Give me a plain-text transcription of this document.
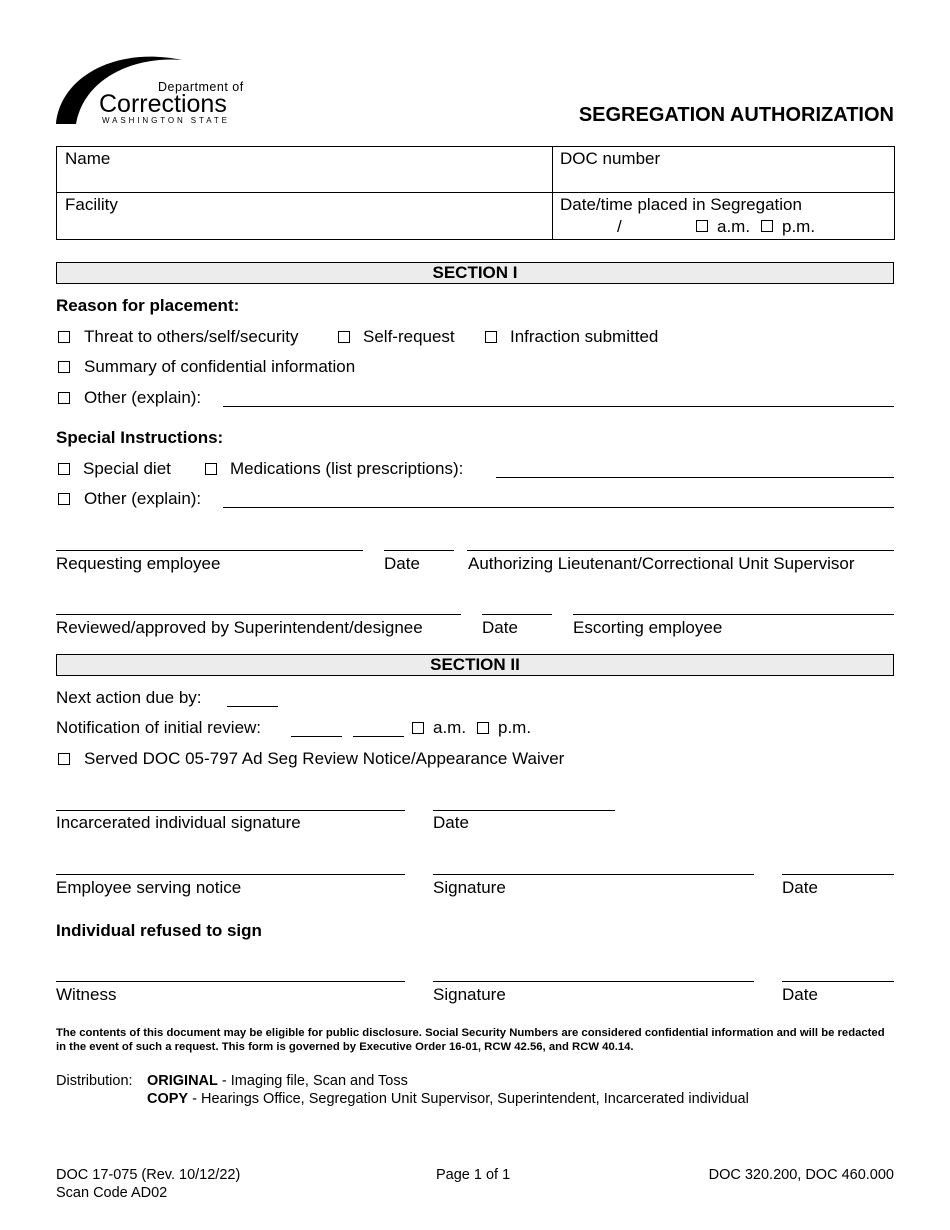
Department of
Corrections
WASHINGTON STATE	SEGREGATION AUTHORIZATION
Name	DOC number
Facility	Date/time placed in Segregation
/	a.m. p.m.
SECTION I
Reason for placement:
Threat to others/self/security	Self-request	Infraction submitted
Summary of confidential information
Other (explain):
Special Instructions:
Special diet	Medications (list prescriptions):
Other (explain):
Requesting employee	Date	Authorizing Lieutenant/Correctional Unit Supervisor
Reviewed/approved by Superintendent/designee	Date	Escorting employee
SECTION II
Next action due by:
Notification of initial review:	a.m. p.m.
Served DOC 05-797 Ad Seg Review Notice/Appearance Waiver
Incarcerated individual signature	Date
Employee serving notice	Signature	Date
Individual refused to sign
Witness	Signature	Date
The contents of this document may be eligible for public disclosure. Social Security Numbers are considered confidential information and will be redacted in the event of such a request. This form is governed by Executive Order 16-01, RCW 42.56, and RCW 40.14.
Distribution: ORIGINAL - Imaging file, Scan and Toss
COPY - Hearings Office, Segregation Unit Supervisor, Superintendent, Incarcerated individual
DOC 17-075 (Rev. 10/12/22)
Scan Code AD02
Page 1 of 1	DOC 320.200, DOC 460.000
